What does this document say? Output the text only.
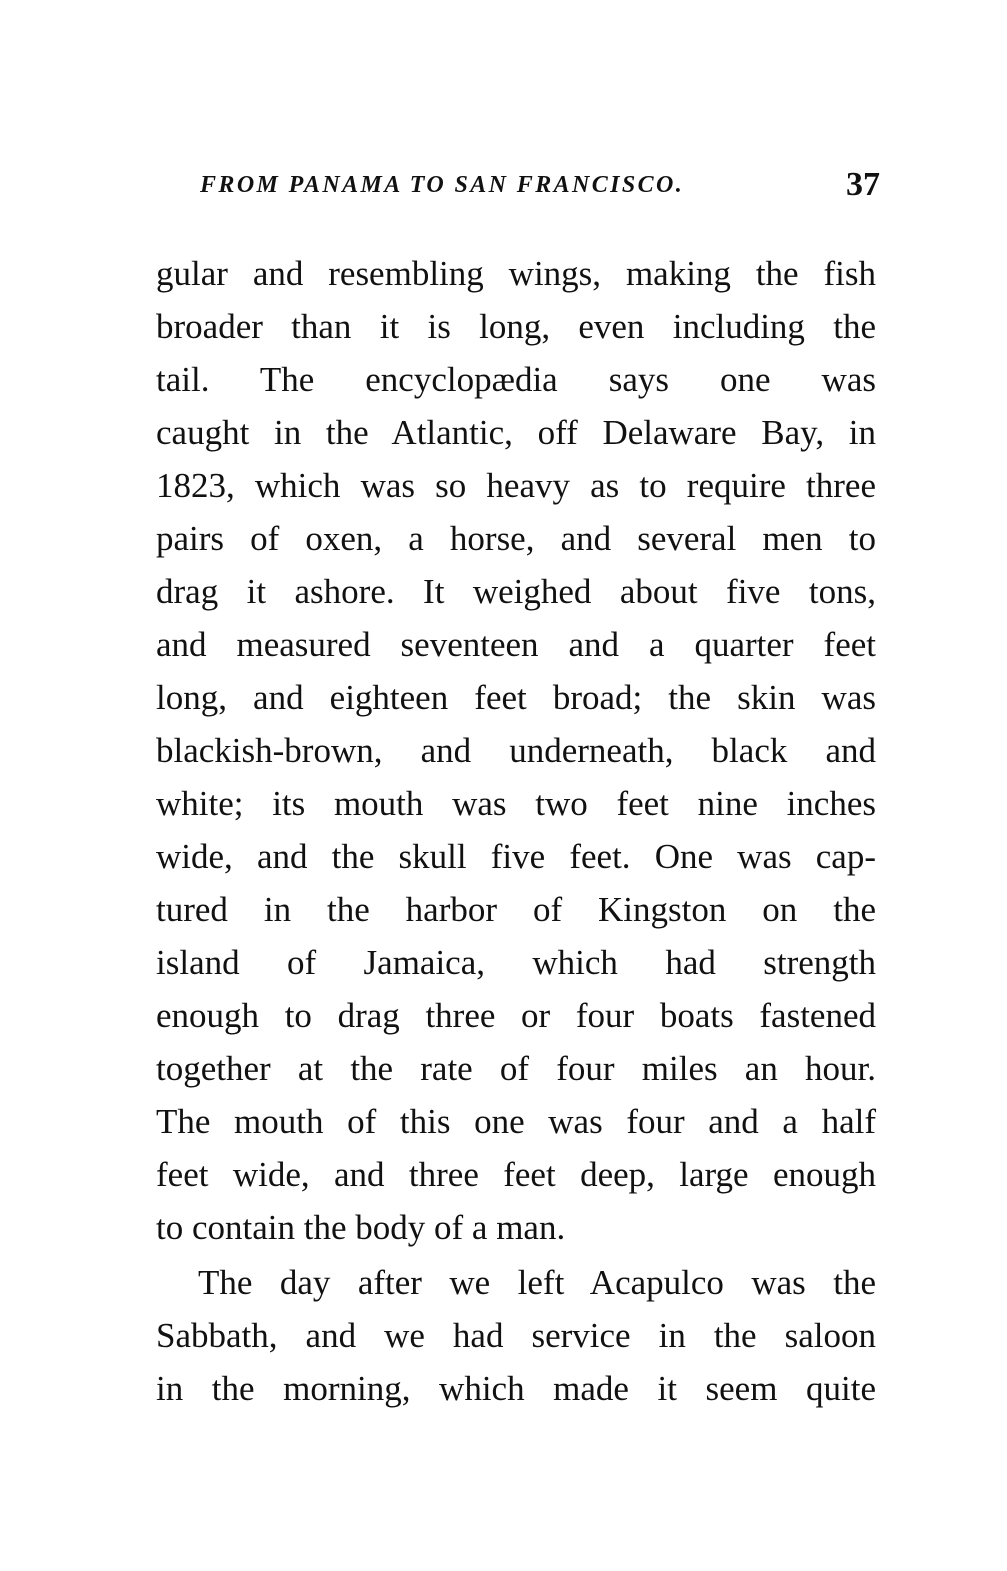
FROM PANAMA TO SAN FRANCISCO.	37
gular and resembling wings, making the fish
broader than it is long, even including the
tail. The encyclopædia says one was
caught in the Atlantic, off Delaware Bay, in
1823, which was so heavy as to require three
pairs of oxen, a horse, and several men to
drag it ashore. It weighed about five tons,
and measured seventeen and a quarter feet
long, and eighteen feet broad; the skin was
blackish-brown, and underneath, black and
white; its mouth was two feet nine inches
wide, and the skull five feet. One was cap-
tured in the harbor of Kingston on the
island of Jamaica, which had strength
enough to drag three or four boats fastened
together at the rate of four miles an hour.
The mouth of this one was four and a half
feet wide, and three feet deep, large enough
to contain the body of a man.
The day after we left Acapulco was the
Sabbath, and we had service in the saloon
in the morning, which made it seem quite
